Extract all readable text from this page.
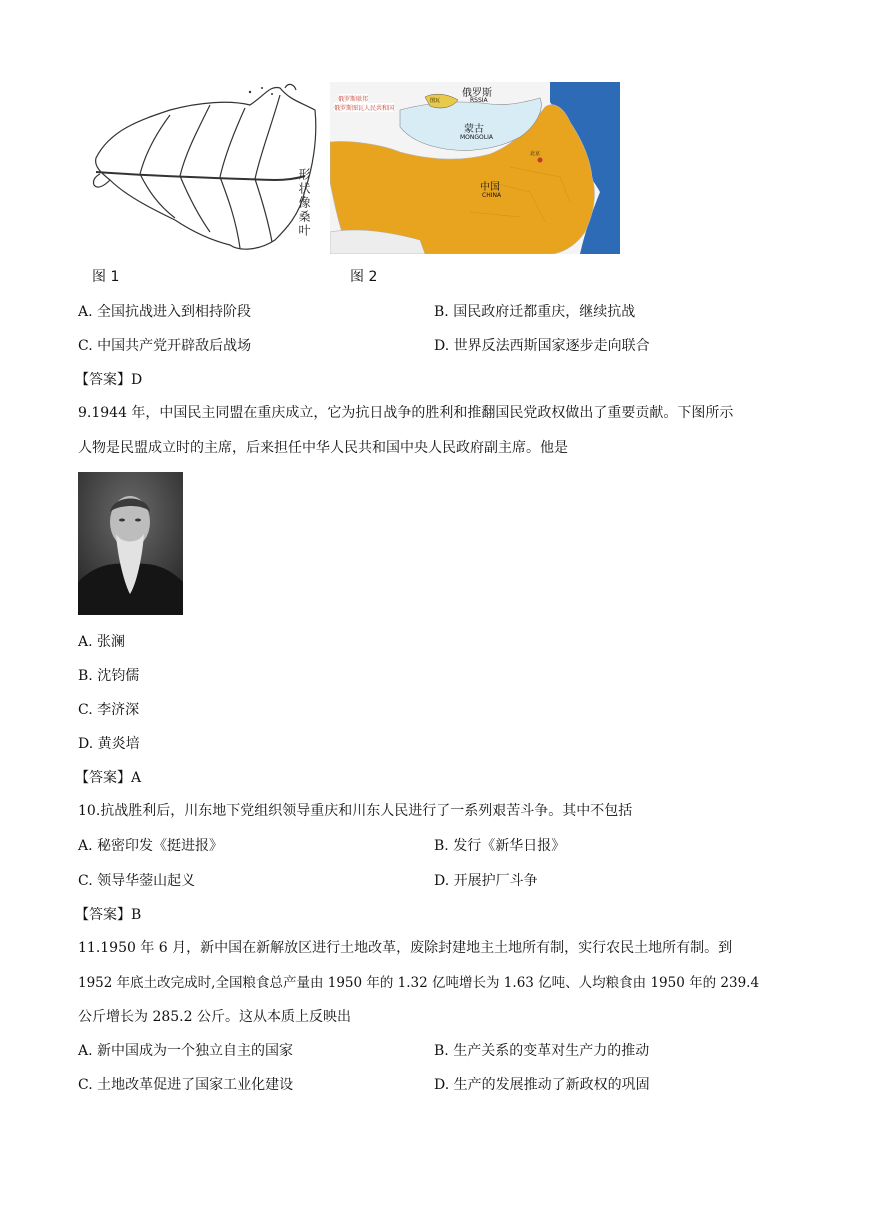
形状像桑叶
图 1
俄罗斯
RSSIA
俄罗斯联邦
俄罗斯图瓦人民共和国
图瓦
蒙古
MONGOLIA
北京
中国
CHINA
图 2
A. 全国抗战进入到相持阶段	B. 国民政府迁都重庆，继续抗战
C. 中国共产党开辟敌后战场	D. 世界反法西斯国家逐步走向联合
【答案】D
9.1944 年，中国民主同盟在重庆成立，它为抗日战争的胜利和推翻国民党政权做出了重要贡献。下图所示
人物是民盟成立时的主席，后来担任中华人民共和国中央人民政府副主席。他是
A. 张澜
B. 沈钧儒
C. 李济深
D. 黄炎培
【答案】A
10.抗战胜利后，川东地下党组织领导重庆和川东人民进行了一系列艰苦斗争。其中不包括
A. 秘密印发《挺进报》	B. 发行《新华日报》
C. 领导华蓥山起义	D. 开展护厂斗争
【答案】B
11.1950 年 6 月，新中国在新解放区进行土地改革，废除封建地主土地所有制，实行农民土地所有制。到
1952 年底土改完成时,全国粮食总产量由 1950 年的 1.32 亿吨增长为 1.63 亿吨、人均粮食由 1950 年的 239.4
公斤增长为 285.2 公斤。这从本质上反映出
A. 新中国成为一个独立自主的国家	B. 生产关系的变革对生产力的推动
C. 土地改革促进了国家工业化建设	D. 生产的发展推动了新政权的巩固
